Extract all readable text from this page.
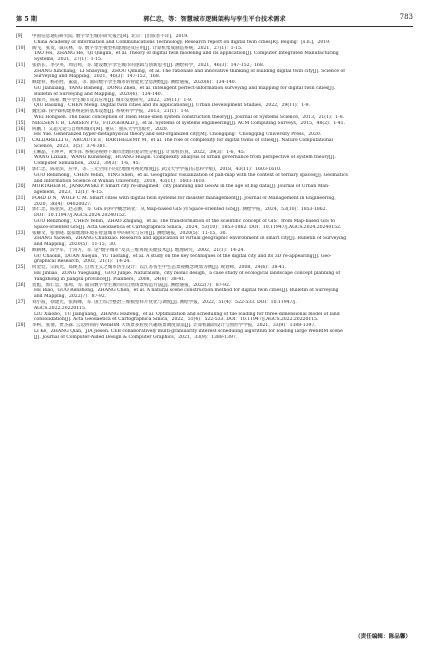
第 5 期	郭仁忠，等：智慧城市逻辑架构与孪生平台技术需求	783
[9] 中国信息通信研究院. 数字孪生城市研究报告[R]. 北京：[出版者不详]，2019.
China Academy of Information and Communications Technology. Research report on digital twin cities[R]. Beijing：[s.n.]，2019.
[10] 陶飞，张贺，戚庆林，等. 数字孪生模型构建理论及应用[J]. 计算机集成制造系统，2021，27(1)：1-15.
TAO Fei，ZHANG He，QI Qinglin，et al. Theory of digital twin modeling and its application[J]. Computer Integrated Manufacturing
Systems，2021，27(1)：1-15.
[11] 张新长，李少英，周启鸣，等. 建设数字孪生城市的逻辑与创新思考[J]. 测绘科学，2021，46(3)：147-152，168.
ZHANG Xinchang，LI Shaoying，ZHOU Qiming，et al. The rationale and innovative thinking of building digital twin city[J]. Science of
Surveying and Mapping，2021，46(3)：147-152，168.
[12] 顾建祥，杨必胜，董震，等. 面向数字孪生城市的智能化全息测绘[J]. 测绘通报，2020(6)：134-140.
GU Jianxiang，YANG Bisheng，DONG Zhen，et al. Intelligent perfect-information surveying and mapping for digital twin cities[J].
Bulletin of Surveying and Mapping，2020(6)：134-140.
[13] 仇保兴，陈蒙. 数字孪生城市及其应用[J]. 城市发展研究，2022，29(11)：1-9.
QIU Baoxing，CHEN Meng. Digital twin cities and its applications[J]. Urban Development Studies，2022，29(11)：1-9.
[14] 魏宏森. 钱学森构建系统论的基本设想[J]. 系统科学学报，2013，21(1)：1-8.
WEI Hongsen. The basic conception of Tsien Hsue-shen system construction theory[J]. Journal of Systems Science，2013，21(1)：1-8.
[15] NIELSEN C B，LARSEN P G，FITZGERALD J，et al. Systems of systems engineering[J]. ACM Computing Surveys，2015，48(2)：1-41.
[16] 何鹏. 广义超元论与自组织城市[M]. 重庆：重庆大学出版社，2020.
HE Yue. Generalized hyper-metaphysical theory and self-organized city[M]. Chongqing：Chongqing University Press，2020.
[17] CALDARELLI G，ARCAUTE E，BARTHELEMY M，et al. The role of complexity for digital twins of cities[J]. Nature Computational
Science，2023，3(5)：374-381.
[18] 王琳晶，王坤声，黄华泽. 系统论视野下城市治理的复杂性分析[J]. 计算机仿真，2022，39(3)：1-6，45.
WANG Lixuan，WANG Kunsheng，HUANG Huajin. Complexity analysis of urban governance from perspective of system theory[J].
Computer Simulation，2022，39(3)：1-6，45.
[19] 郭仁忠，陈业滨，应申，等. 三元空间下的泛地图可视化维度[J]. 武汉大学学报(信息科学版)，2018，43(11)：1603-1610.
GUO Renzhong，CHEN Yebin，YING Shen，et al. Geographic visualization of pan-map with the context of ternary spaces[J]. Geomatics
and Information Science of Wuhan University，2018，43(11)：1603-1610.
[20] MORTAHEB R，JANKOWSKI P. Smart city re-imagined：city planning and GeoAI in the age of big data[J]. Journal of Urban Man-
agement，2023，12(1)：4-15.
[21] FORD D N，WOLF C M. Smart cities with digital twin systems for disaster management[J]. Journal of Management in Engineering，
2020，36(4)：04020027.
[22] 郭仁忠，陈业滨，赵志刚，等. GIS 的科学概念转化：从 Map-based GIS 到 Space-oriented GIS[J]. 测绘学报，2024，53(10)：1853-1862.
DOI：10.11947/j.AGCS.2024.20240152.
GUO Renzhong，CHEN Yebin，ZHAO Zhigang，et al. The transformation of the scientific concept of GIS：from Map-based GIS to
Space-oriented GIS[J]. Acta Geodaetica et Cartographica Sinica，2024，53(10)：1853-1862. DOI：10.11947/j.AGCS.2024.20240152.
[23] 张耀文，张春晓. 虚拟地理环境在智慧城市中的研究与应用[J]. 测绘通报，2020(5)：11-15，30.
ZHANG Yaowen，ZHANG Chunxiao. Research and application of virtual geographic environment in smart city[J]. Bulletin of Surveying
and Mapping，2020(5)：11-15，30.
[24] 顾朝林，段学军，于涛方，等. 论"数字城市"及其三维再现关键技术[J]. 地理研究，2002，21(1)：14-24.
GU Chaolin，DUAN Xuejun，YU Taofang，et al. A study on the key techniques of the digital city and its 3D re-appearing[J]. Geo-
graphical Research，2002，21(1)：14-24.
[25] 何金廷，宗跃光，郑俊杰. 自然主义之城市仿生设计：以江苏仿生中生态景观概念规划为例[J]. 规划师，2008，24(6)：38-41.
HE Jinliao，ZONG Yueguang，GUO Junjie. Naturalism，city bionic design，a case study of ecological landscape concept planning of
Yangzhong in Jiangsu province[J]. Planners，2008，24(6)：38-41.
[26] 贺彪，郭仁忠，张珣，等. 面向数字孪生城市的自然场景构造方法[J]. 测绘通报，2022(7)：87-92.
HE Biao，GUO Renzhong，ZHANG Chen，et al. A natural scene construction method for digital twin cities[J]. Bulletin of Surveying
and Mapping，2022(7)：87-92.
[27] 刘小波，徐建光，张海峰，等. 国土综合整治三维模型样片优化与调度[J]. 测绘学报，2022，51(4)：522-533. DOI：10.11947/j.
AGCS.2022.20220115.
LIU Xiaobo，TU Jianguang，ZHANG Haifeng，et al. Optimization and scheduling of tile loading for three-dimensional model of land
consolidation[J]. Acta Geodaetica et Cartographica Sinica，2022，51(4)：522-533. DOI：10.11947/j.AGCS.2022.20220115.
[28] 李柯，张倩，贾杰森. 云边协同的 WebBIM 大场景多粒度兴趣场景调度算法[J]. 计算机辅助设计与图形学学报，2021，33(9)：1388-1397.
LI Ke，ZHANG Qian，JIA Jiesen. CEB collaboratively multi-granularity interest scheduling algorithm for loading large WebBIM scene
[J]. Journal of Computer-Aided Design & Computer Graphics，2021，33(9)：1388-1397.
（责任编辑：陈品馨）
